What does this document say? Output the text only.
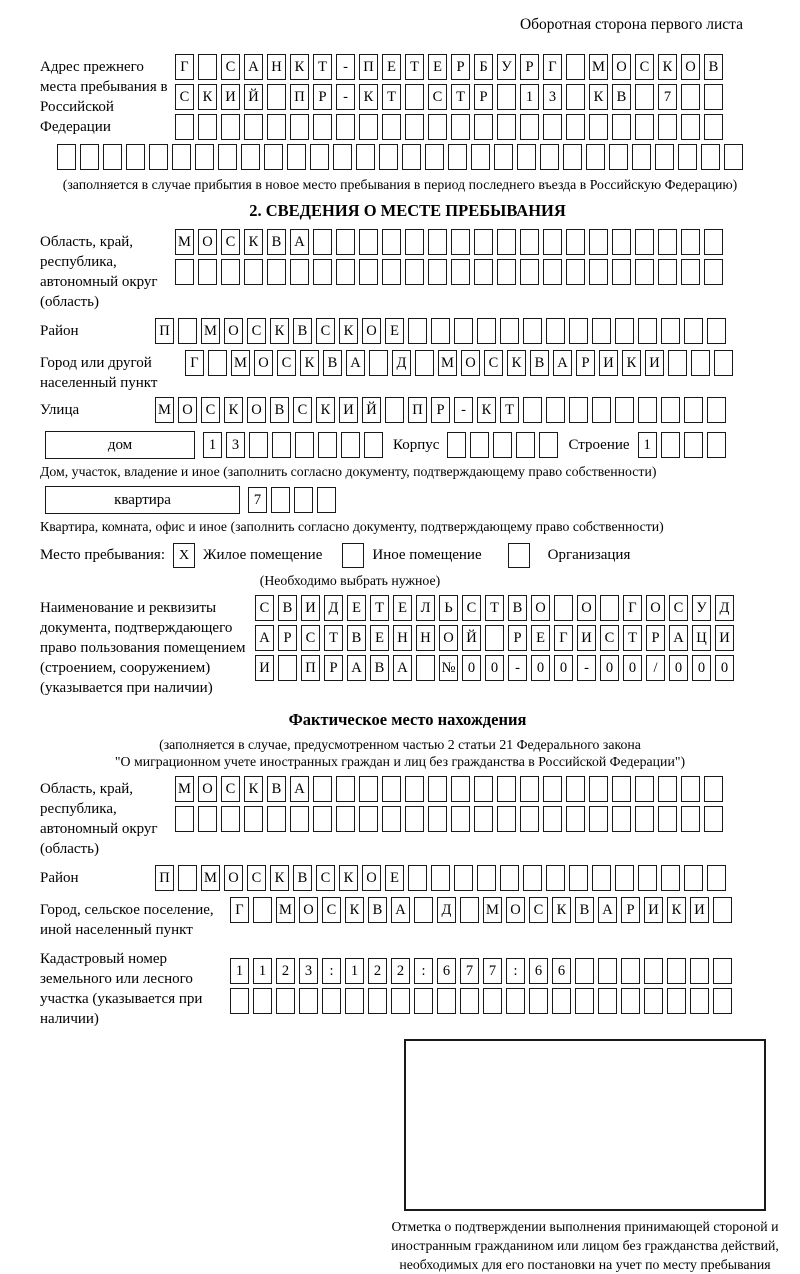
Оборотная сторона первого листа
Адрес прежнего места пребывания в Российской Федерации
Г	С А Н К Т	-	П Е Т Е	Р	Б У Р	Г	М О С К О В
С К И Й П Р	-	К Т	С Т	Р	1	3	К В	7
(заполняется в случае прибытия в новое место пребывания в период последнего въезда в Российскую Федерацию)
2. СВЕДЕНИЯ О МЕСТЕ ПРЕБЫВАНИЯ
Область, край, республика, автономный округ (область)
М О С К В А
Район	П М О С К В С К О Е
Город или другой населенный пункт
Г	М О С К В А	Д	М О С К В А Р И К И
Улица	М О С К О В С К И Й П Р	-	К Т
дом	1	3	Корпус	Строение 1
Дом, участок, владение и иное (заполнить согласно документу, подтверждающему право собственности)
квартира	7
Квартира, комната, офис и иное (заполнить согласно документу, подтверждающему право собственности)
Место пребывания: X Жилое помещение	Иное помещение	Организация
(Необходимо выбрать нужное)
Наименование и реквизиты документа, подтверждающего право пользования помещением (строением, сооружением) (указывается при наличии)
С В И Д Е Т Е Л Ь С Т В О О	Г О С У Д
А Р С Т В Е Н Н О Й	Р	Е Г И С Т	Р А Ц И
И П Р А В А № 0	0	-	0	0	-	0	0	/	0	0	0
Фактическое место нахождения
(заполняется в случае, предусмотренном частью 2 статьи 21 Федерального закона
"О миграционном учете иностранных граждан и лиц без гражданства в Российской Федерации")
Область, край, республика, автономный округ (область)
М О С К В А
Район	П М О С К В С К О Е
Город, сельское поселение, иной населенный пункт
Г	М О С К В А	Д	М О С К В А Р И К И
Кадастровый номер земельного или лесного участка (указывается при наличии)
1	1	2	3	:	1	2	2	:	6	7	7	:	6	6
Отметка о подтверждении выполнения принимающей стороной и иностранным гражданином или лицом без гражданства действий, необходимых для его постановки на учет по месту пребывания
